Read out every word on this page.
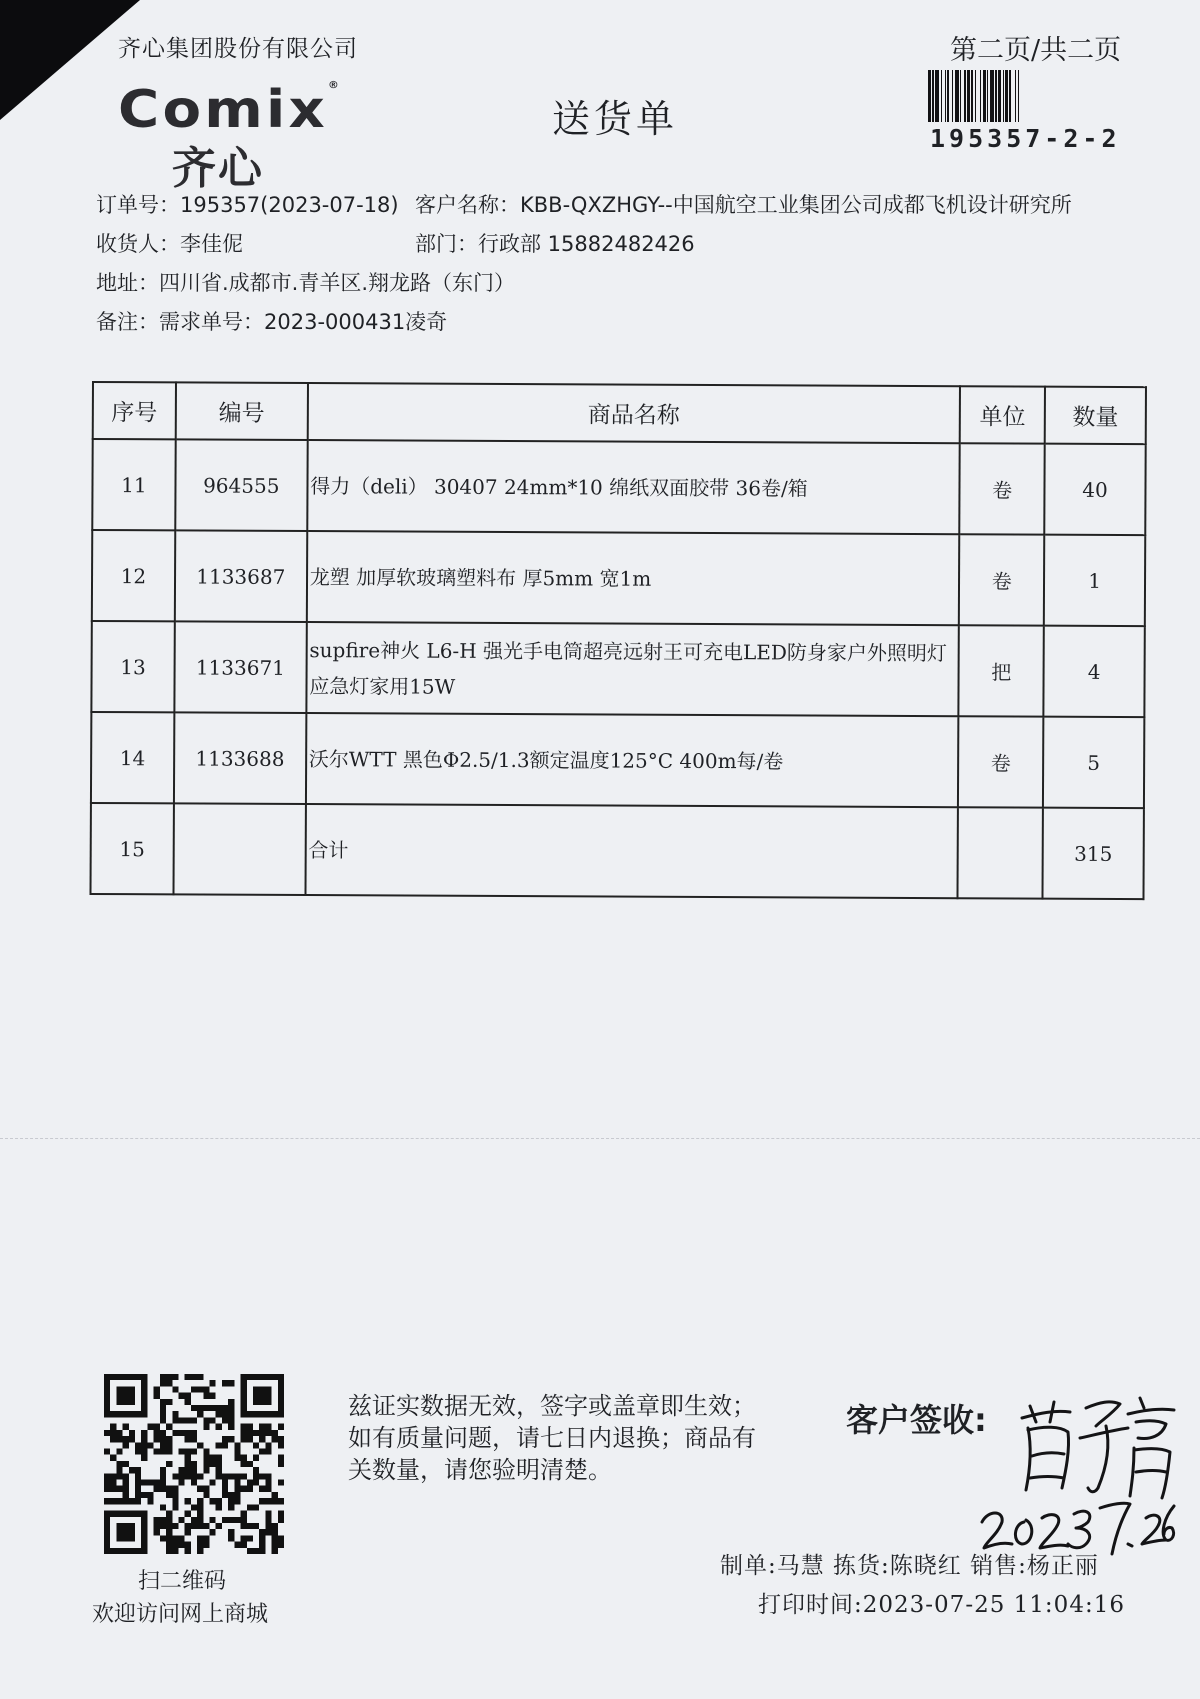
齐心集团股份有限公司	第二页/共二页
Comix®
齐心
送货单	195357-2-2
订单号：195357(2023-07-18) 客户名称：KBB-QXZHGY--中国航空工业集团公司成都飞机设计研究所
收货人：李佳伲	部门：行政部 15882482426
地址：四川省.成都市.青羊区.翔龙路（东门）
备注：需求单号：2023-000431凌奇
序号	编号	商品名称	单位	数量
11	964555	得力（deli） 30407 24mm*10 绵纸双面胶带 36卷/箱	卷	40
12	1133687	龙塑 加厚软玻璃塑料布 厚5mm 宽1m	卷	1
13	1133671	supfire神火 L6-H 强光手电筒超亮远射王可充电LED防身家户外照明灯应急灯家用15W	把	4
14	1133688	沃尔WTT 黑色Φ2.5/1.3额定温度125°C 400m每/卷	卷	5
15		合计		315
扫二维码
欢迎访问网上商城
兹证实数据无效，签字或盖章即生效；如有质量问题，请七日内退换；商品有关数量，请您验明清楚。
客户签收:
制单:马慧 拣货:陈晓红 销售:杨正丽
打印时间:2023-07-25 11:04:16
